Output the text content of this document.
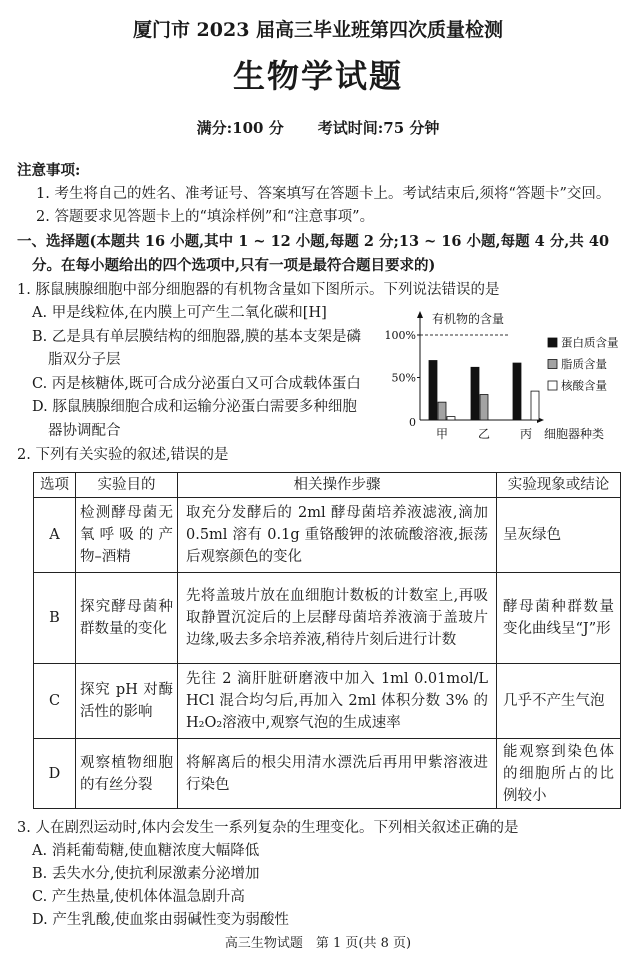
厦门市 2023 届高三毕业班第四次质量检测
生物学试题
满分:100 分 考试时间:75 分钟
注意事项:
1. 考生将自己的姓名、准考证号、答案填写在答题卡上。考试结束后,须将“答题卡”交回。
2. 答题要求见答题卡上的“填涂样例”和“注意事项”。
一、选择题(本题共 16 小题,其中 1 ~ 12 小题,每题 2 分;13 ~ 16 小题,每题 4 分,共 40 分。在每小题给出的四个选项中,只有一项是最符合题目要求的)
1. 豚鼠胰腺细胞中部分细胞器的有机物含量如下图所示。下列说法错误的是
A. 甲是线粒体,在内膜上可产生二氧化碳和[H]
B. 乙是具有单层膜结构的细胞器,膜的基本支架是磷脂双分子层
C. 丙是核糖体,既可合成分泌蛋白又可合成载体蛋白
D. 豚鼠胰腺细胞合成和运输分泌蛋白需要多种细胞器协调配合
有机物的含量
细胞器种类
100%
50%
0
甲 乙 丙
蛋白质含量
脂质含量
核酸含量
2. 下列有关实验的叙述,错误的是
选项	实验目的	相关操作步骤	实验现象或结论
A	检测酵母菌无氧呼吸的产物–酒精	取充分发酵后的 2ml 酵母菌培养液滤液,滴加 0.5ml 溶有 0.1g 重铬酸钾的浓硫酸溶液,振荡后观察颜色的变化	呈灰绿色
B	探究酵母菌种群数量的变化	先将盖玻片放在血细胞计数板的计数室上,再吸取静置沉淀后的上层酵母菌培养液滴于盖玻片边缘,吸去多余培养液,稍待片刻后进行计数	酵母菌种群数量变化曲线呈“J”形
C	探究 pH 对酶活性的影响	先往 2 滴肝脏研磨液中加入 1ml 0.01mol/L HCl 混合均匀后,再加入 2ml 体积分数 3% 的 H₂O₂溶液中,观察气泡的生成速率	几乎不产生气泡
D	观察植物细胞的有丝分裂	将解离后的根尖用清水漂洗后再用甲紫溶液进行染色	能观察到染色体的细胞所占的比例较小
3. 人在剧烈运动时,体内会发生一系列复杂的生理变化。下列相关叙述正确的是
A. 消耗葡萄糖,使血糖浓度大幅降低
B. 丢失水分,使抗利尿激素分泌增加
C. 产生热量,使机体体温急剧升高
D. 产生乳酸,使血浆由弱碱性变为弱酸性
高三生物试题　第 1 页(共 8 页)
